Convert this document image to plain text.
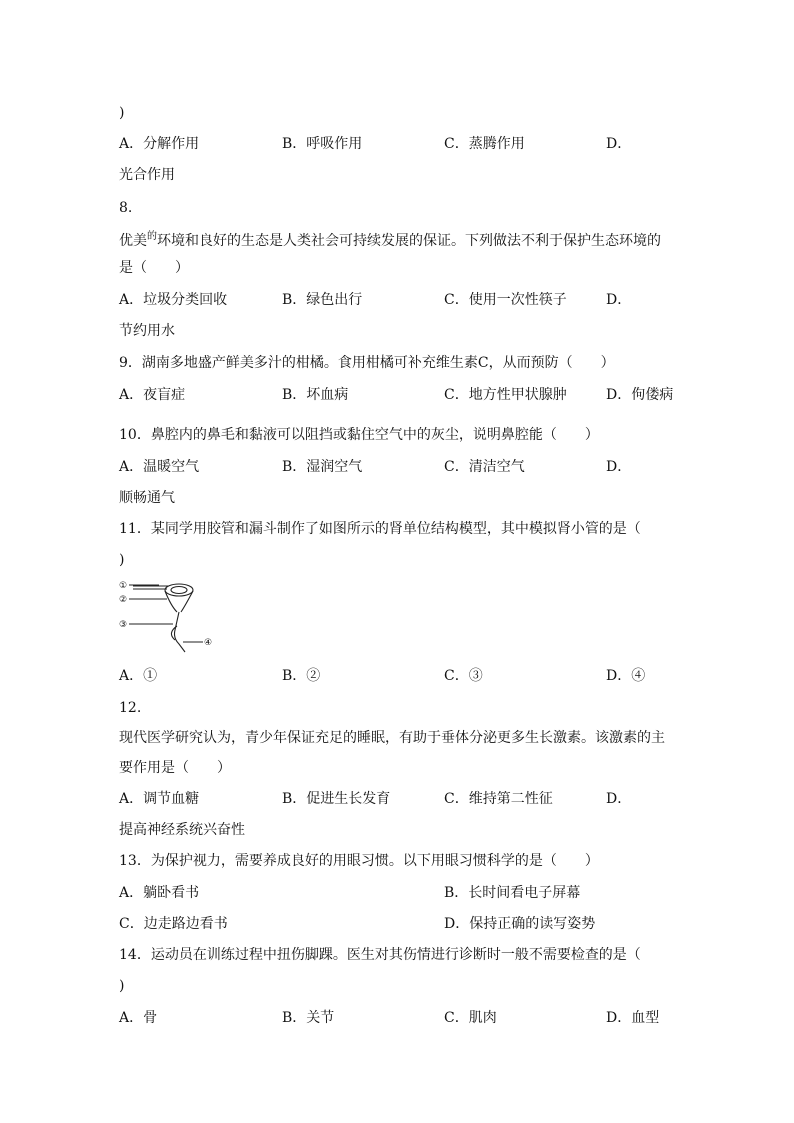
)
A．分解作用	B．呼吸作用	C．蒸腾作用	D．
光合作用
8.
优美$^的$环境和良好的生态是人类社会可持续发展的保证。下列做法不利于保护生态环境的
是（　　）
A．垃圾分类回收	B．绿色出行	C．使用一次性筷子	D．
节约用水
9．湖南多地盛产鲜美多汁的柑橘。食用柑橘可补充维生素C，从而预防（　　）
A．夜盲症	B．坏血病	C．地方性甲状腺肿	D．佝偻病
10．鼻腔内的鼻毛和黏液可以阻挡或黏住空气中的灰尘，说明鼻腔能（　　）
A．温暖空气	B．湿润空气	C．清洁空气	D．
顺畅通气
11．某同学用胶管和漏斗制作了如图所示的肾单位结构模型，其中模拟肾小管的是（
)
①
②
③
④
A．①	B．②	C．③	D．④
12.
现代医学研究认为，青少年保证充足的睡眠，有助于垂体分泌更多生长激素。该激素的主
要作用是（　　）
A．调节血糖	B．促进生长发育	C．维持第二性征	D．
提高神经系统兴奋性
13．为保护视力，需要养成良好的用眼习惯。以下用眼习惯科学的是（　　）
A．躺卧看书	B．长时间看电子屏幕
C．边走路边看书	D．保持正确的读写姿势
14．运动员在训练过程中扭伤脚踝。医生对其伤情进行诊断时一般不需要检查的是（
)
A．骨	B．关节	C．肌肉	D．血型
